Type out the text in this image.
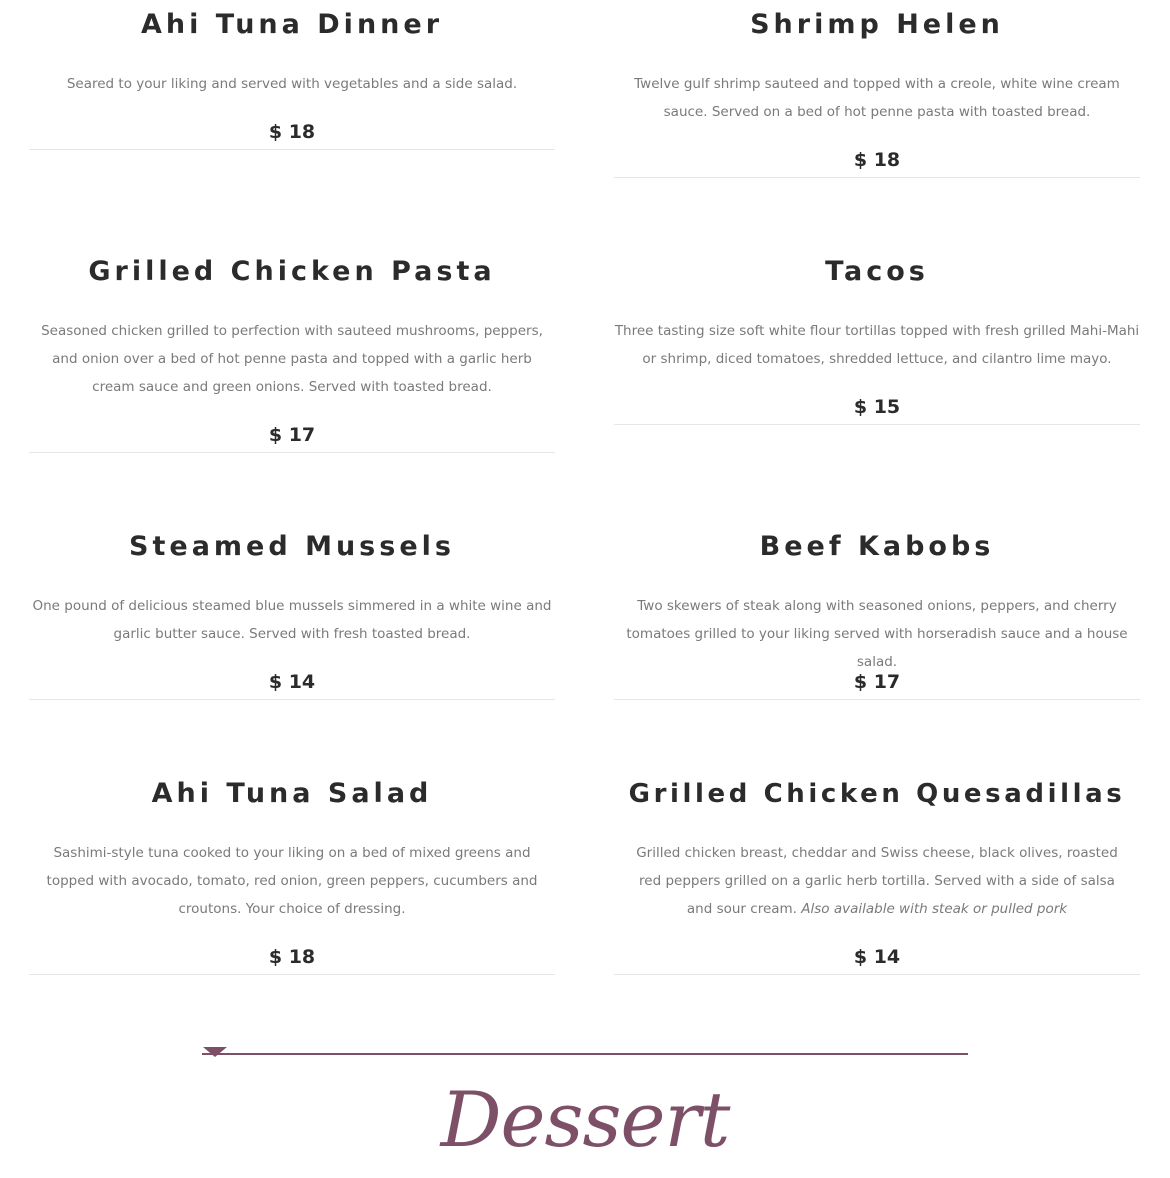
Ahi Tuna Dinner

Seared to your liking and served with vegetables and a side salad.

$ 18
Shrimp Helen

Twelve gulf shrimp sauteed and topped with a creole, white wine cream sauce. Served on a bed of hot penne pasta with toasted bread.

$ 18
Grilled Chicken Pasta

Seasoned chicken grilled to perfection with sauteed mushrooms, peppers, and onion over a bed of hot penne pasta and topped with a garlic herb cream sauce and green onions. Served with toasted bread.

$ 17
Tacos

Three tasting size soft white flour tortillas topped with fresh grilled Mahi-Mahi or shrimp, diced tomatoes, shredded lettuce, and cilantro lime mayo.

$ 15
Steamed Mussels

One pound of delicious steamed blue mussels simmered in a white wine and garlic butter sauce. Served with fresh toasted bread.

$ 14
Beef Kabobs

Two skewers of steak along with seasoned onions, peppers, and cherry tomatoes grilled to your liking served with horseradish sauce and a house salad.

$ 17
Ahi Tuna Salad

Sashimi-style tuna cooked to your liking on a bed of mixed greens and topped with avocado, tomato, red onion, green peppers, cucumbers and croutons. Your choice of dressing.

$ 18
Grilled Chicken Quesadillas

Grilled chicken breast, cheddar and Swiss cheese, black olives, roasted red peppers grilled on a garlic herb tortilla. Served with a side of salsa and sour cream. Also available with steak or pulled pork

$ 14
Dessert
